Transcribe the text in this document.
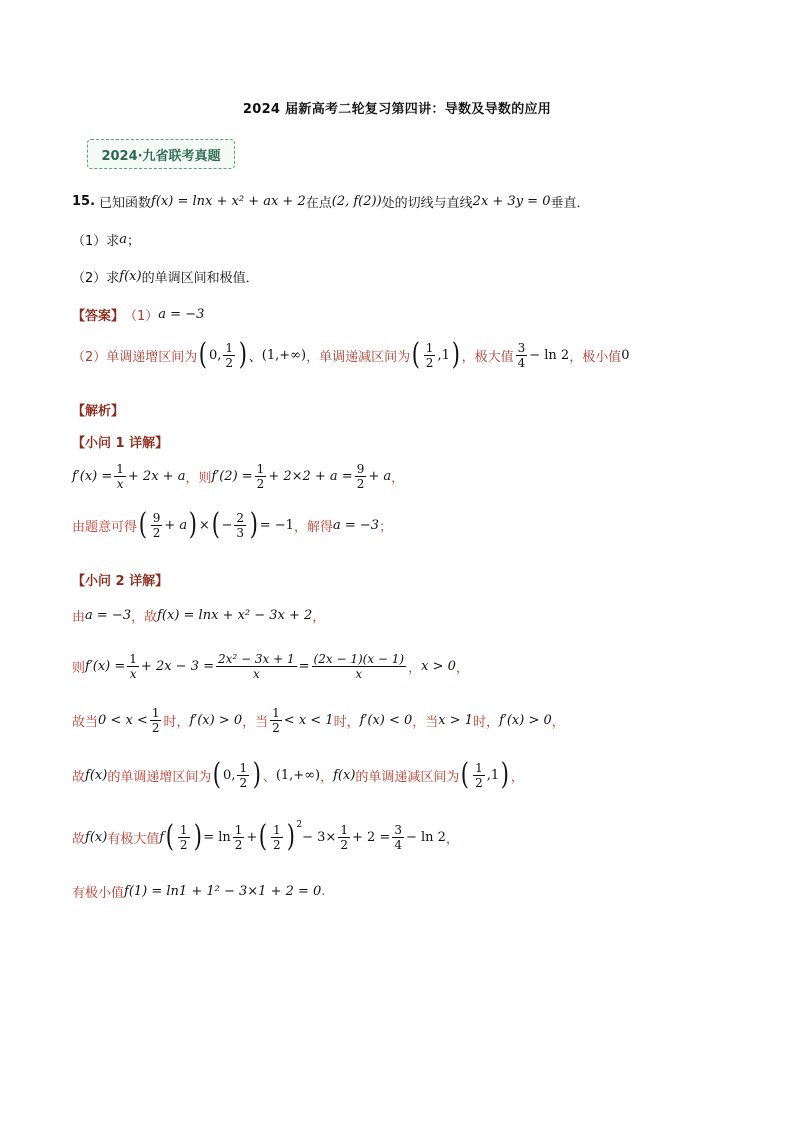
2024 届新高考二轮复习第四讲：导数及导数的应用
2024·九省联考真题
15. 已知函数 f(x) = lnx + x² + ax + 2 在点 (2, f(2)) 处的切线与直线 2x + 3y = 0 垂直．
（1）求 a ；
（2）求 f(x) 的单调区间和极值．
【答案】 （1） a = −3
（2）单调递增区间为 ( 0, $\frac{1}{2}$ ) 、 (1,+∞) ，单调递减区间为 ( $\frac{1}{2} ,1$ ) ，极大值 $\frac{3}{4} - \ln 2$ ，极小值 0
【解析】
【小问 1 详解】
$f'(x) = \frac{1}{x} + 2x + a$ ，则 $f'(2) = \frac{1}{2} + 2\times 2 + a = \frac{9}{2} + a$ ，
由题意可得 ( $\frac{9}{2} + a$ ) × ( − $\frac{2}{3}$ ) = −1 ，解得 a = −3 ；
【小问 2 详解】
由 a = −3 ，故 f(x) = lnx + x² − 3x + 2 ，
则 $f'(x) = \frac{1}{x} + 2x - 3 = \frac{\text{2x² − 3x + 1}}{x} = \frac{(2x - 1)(x - 1)}{x}$ ， x > 0 ，
故当 $0 < x < \frac{1}{2}$ 时， f′(x) > 0 ，当 $\frac{1}{2} < x < 1$ 时， f′(x) < 0 ，当 x > 1 时， f′(x) > 0 ，
故 f(x) 的单调递增区间为 ( 0, $\frac{1}{2}$ ) 、 (1,+∞) ， f(x) 的单调递减区间为 ( $\frac{1}{2} ,1$ ) ，
故 f(x) 有极大值 f ( $\frac{1}{2}$ ) = $\ln \frac{1}{2}$ + ( $\frac{1}{2} )^2$
− $3\times \frac{1}{2} + 2 = \frac{3}{4} - \ln 2$ ，
有极小值 f(1) = ln1 + 1² − 3×1 + 2 = 0 .
